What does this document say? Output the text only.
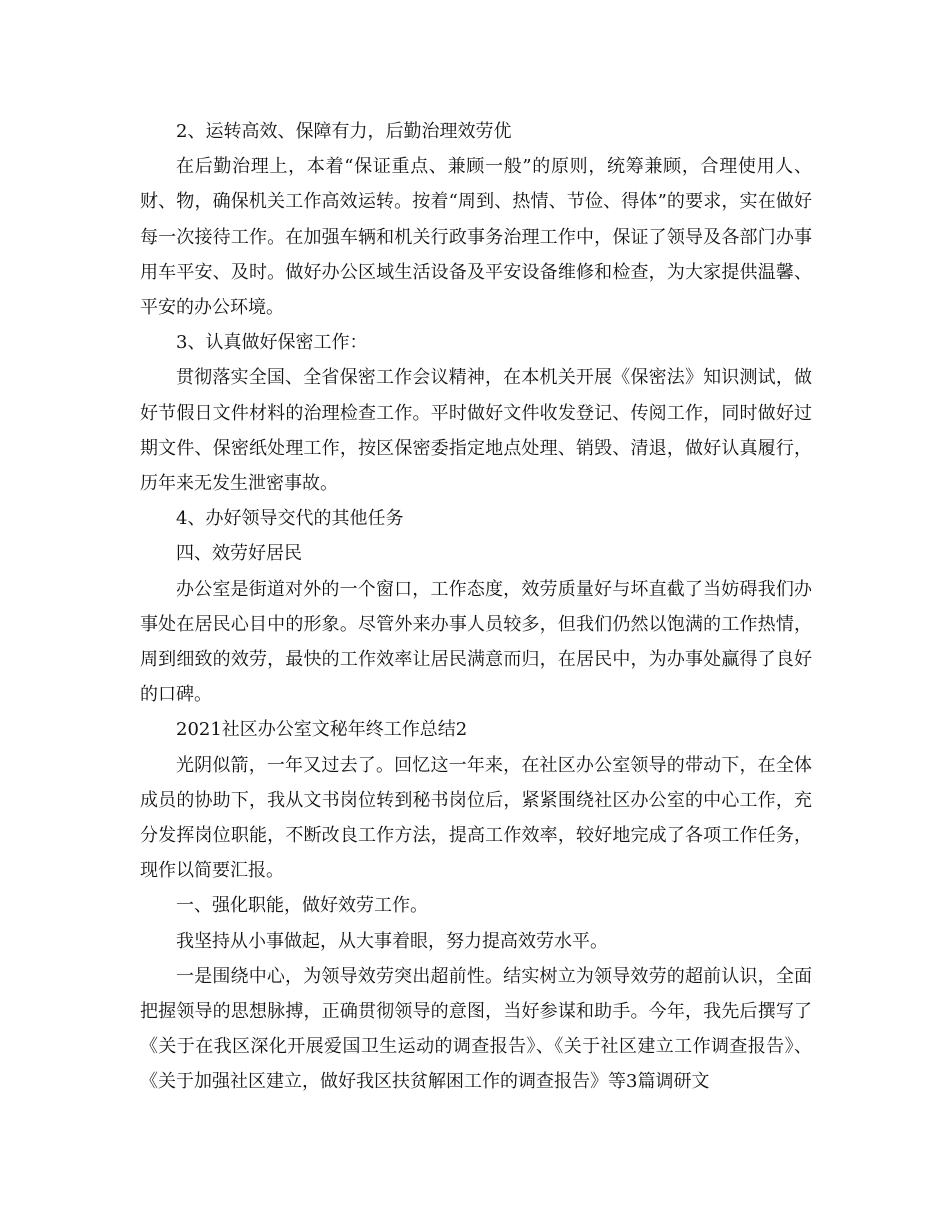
2、运转高效、保障有力，后勤治理效劳优

在后勤治理上，本着“保证重点、兼顾一般”的原则，统筹兼顾，合理使用人、财、物，确保机关工作高效运转。按着“周到、热情、节俭、得体”的要求，实在做好每一次接待工作。在加强车辆和机关行政事务治理工作中，保证了领导及各部门办事用车平安、及时。做好办公区域生活设备及平安设备维修和检查，为大家提供温馨、平安的办公环境。

3、认真做好保密工作：

贯彻落实全国、全省保密工作会议精神，在本机关开展《保密法》知识测试，做好节假日文件材料的治理检查工作。平时做好文件收发登记、传阅工作，同时做好过期文件、保密纸处理工作，按区保密委指定地点处理、销毁、清退，做好认真履行，历年来无发生泄密事故。

4、办好领导交代的其他任务

四、效劳好居民

办公室是街道对外的一个窗口，工作态度，效劳质量好与坏直截了当妨碍我们办事处在居民心目中的形象。尽管外来办事人员较多，但我们仍然以饱满的工作热情，周到细致的效劳，最快的工作效率让居民满意而归，在居民中，为办事处赢得了良好的口碑。

2021社区办公室文秘年终工作总结2

光阴似箭，一年又过去了。回忆这一年来，在社区办公室领导的带动下，在全体成员的协助下，我从文书岗位转到秘书岗位后，紧紧围绕社区办公室的中心工作，充分发挥岗位职能，不断改良工作方法，提高工作效率，较好地完成了各项工作任务，现作以简要汇报。

一、强化职能，做好效劳工作。

我坚持从小事做起，从大事着眼，努力提高效劳水平。

一是围绕中心，为领导效劳突出超前性。结实树立为领导效劳的超前认识，全面把握领导的思想脉搏，正确贯彻领导的意图，当好参谋和助手。今年，我先后撰写了《关于在我区深化开展爱国卫生运动的调查报告》、《关于社区建立工作调查报告》、《关于加强社区建立，做好我区扶贫解困工作的调查报告》等3篇调研文
